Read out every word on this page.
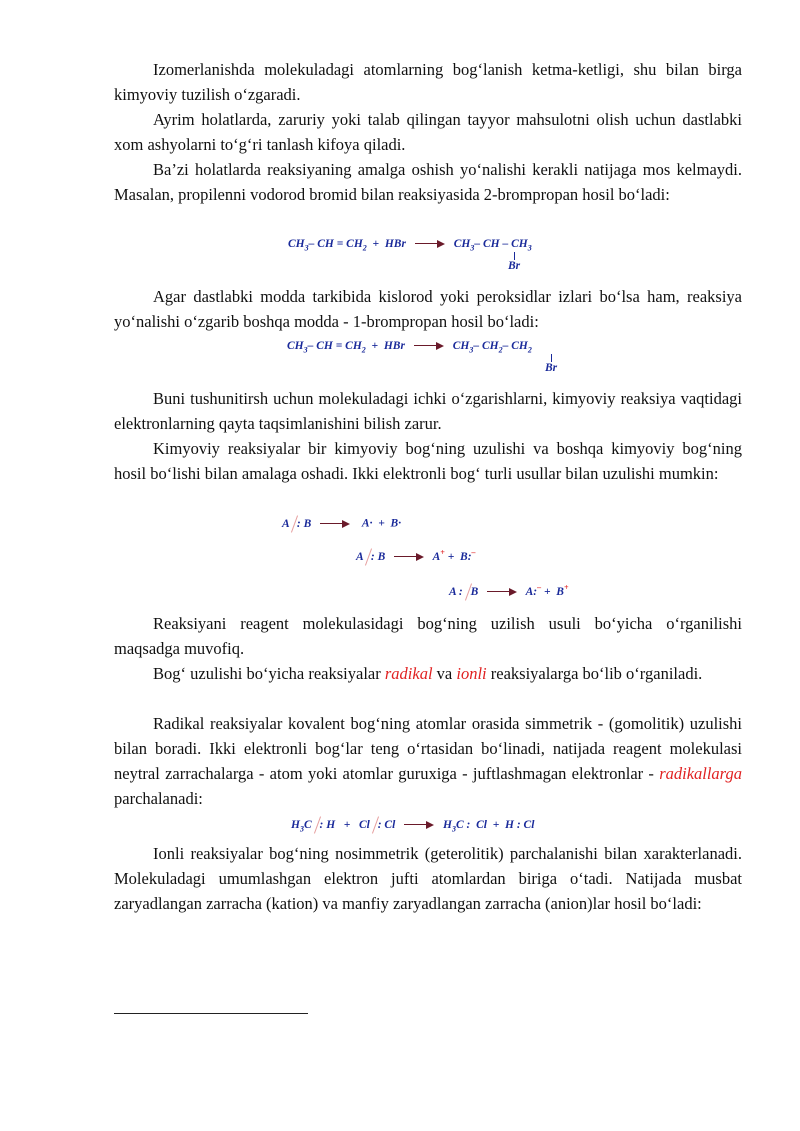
Izomerlanishda molekuladagi atomlarning bog‘lanish ketma-ketligi, shu bilan birga kimyoviy tuzilish o‘zgaradi.

Ayrim holatlarda, zaruriy yoki talab qilingan tayyor mahsulotni olish uchun dastlabki xom ashyolarni to‘g‘ri tanlash kifoya qiladi.

Ba’zi holatlarda reaksiyaning amalga oshish yo‘nalishi kerakli natijaga mos kelmaydi. Masalan, propilenni vodorod bromid bilan reaksiyasida 2-brompropan hosil bo‘ladi:

$CH_3-$ CH = $CH_2$  +  HBr	$CH_3-$ CH – $CH_3$
Br

Agar dastlabki modda tarkibida kislorod yoki peroksidlar izlari bo‘lsa ham, reaksiya yo‘nalishi o‘zgarib boshqa modda - 1-brompropan hosil bo‘ladi:

$CH_3-$ CH = $CH_2$  +  HBr	$CH_3-$ $CH_2-$ $CH_2$
Br

Buni tushunitirsh uchun molekuladagi ichki o‘zgarishlarni, kimyoviy reaksiya vaqtidagi elektronlarning qayta taqsimlanishini bilish zarur.

Kimyoviy reaksiyalar bir kimyoviy bog‘ning uzulishi va boshqa kimyoviy bog‘ning hosil bo‘lishi bilan amalaga oshadi. Ikki elektronli bog‘ turli usullar bilan uzulishi mumkin:

A : B	A·  +  B·
A : B	A+ +  B:–
A : B	A:– +  B+

Reaksiyani reagent molekulasidagi bog‘ning uzilish usuli bo‘yicha o‘rganilishi maqsadga muvofiq.

Bog‘ uzulishi bo‘yicha reaksiyalar radikal va ionli reaksiyalarga bo‘lib o‘rganiladi.

Radikal reaksiyalar kovalent bog‘ning atomlar orasida simmetrik - (gomolitik) uzulishi bilan boradi. Ikki elektronli bog‘lar teng o‘rtasidan bo‘linadi, natijada reagent molekulasi neytral zarrachalarga - atom yoki atomlar guruxiga - juftlashmagan elektronlar - radikallarga parchalanadi:

$H_3C$ : H   +   Cl : Cl	$H_3C$ :  Cl  +  H : Cl

Ionli reaksiyalar bog‘ning nosimmetrik (geterolitik) parchalanishi bilan xarakterlanadi. Molekuladagi umumlashgan elektron jufti atomlardan biriga o‘tadi. Natijada musbat zaryadlangan zarracha (kation) va manfiy zaryadlangan zarracha (anion)lar hosil bo‘ladi:
